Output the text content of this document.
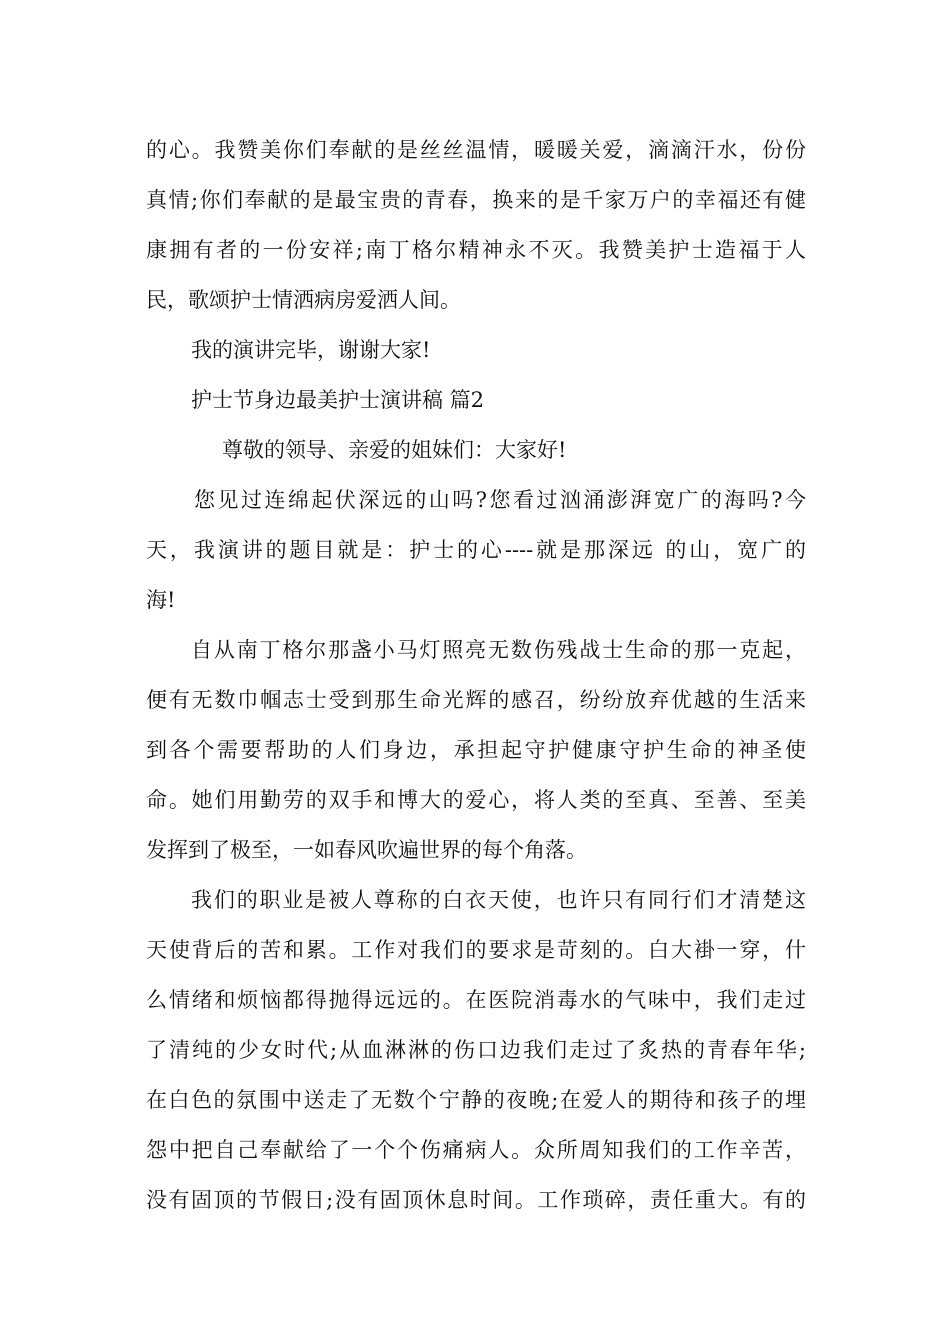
的心。我赞美你们奉献的是丝丝温情，暖暖关爱，滴滴汗水，份份
真情;你们奉献的是最宝贵的青春，换来的是千家万户的幸福还有健
康拥有者的一份安祥;南丁格尔精神永不灭。我赞美护士造福于人
民，歌颂护士情洒病房爱洒人间。
我的演讲完毕，谢谢大家!
护士节身边最美护士演讲稿 篇2
尊敬的领导、亲爱的姐妹们：大家好!
您见过连绵起伏深远的山吗?您看过汹涌澎湃宽广的海吗?今
天，我演讲的题目就是：护士的心----就是那深远 的山，宽广的
海!
自从南丁格尔那盏小马灯照亮无数伤残战士生命的那一克起，
便有无数巾帼志士受到那生命光辉的感召，纷纷放弃优越的生活来
到各个需要帮助的人们身边，承担起守护健康守护生命的神圣使
命。她们用勤劳的双手和博大的爱心，将人类的至真、至善、至美
发挥到了极至，一如春风吹遍世界的每个角落。
我们的职业是被人尊称的白衣天使，也许只有同行们才清楚这
天使背后的苦和累。工作对我们的要求是苛刻的。白大褂一穿，什
么情绪和烦恼都得抛得远远的。在医院消毒水的气味中，我们走过
了清纯的少女时代;从血淋淋的伤口边我们走过了炙热的青春年华;
在白色的氛围中送走了无数个宁静的夜晚;在爱人的期待和孩子的埋
怨中把自己奉献给了一个个伤痛病人。众所周知我们的工作辛苦，
没有固顶的节假日;没有固顶休息时间。工作琐碎，责任重大。有的
